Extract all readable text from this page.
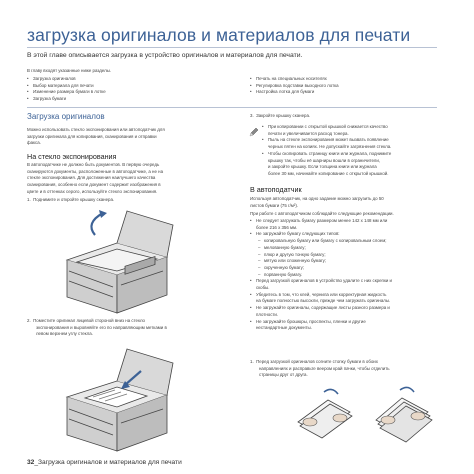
загрузка оригиналов и материалов для печати
В этой главе описывается загрузка в устройство оригиналов и материалов для печати.
В главу входят указанные ниже разделы.
• Загрузка оригиналов
• Выбор материала для печати
• Изменение размера бумаги в лотке
• Загрузка бумаги
• Печать на специальных носителях
• Регулировка подставки выходного лотка
• Настройка лотка для бумаги
Загрузка оригиналов
Можно использовать стекло экспонирования или автоподатчик для
загрузки оригинала для копирования, сканирования и отправки
факса.
На стекло экспонирования
В автоподатчике не должно быть документов. В первую очередь
сканируются документы, расположенные в автоподатчике, а не на
стекле экспонирования. Для достижения наилучшего качества
сканирования, особенно если документ содержит изображения в
цвете и в оттенках серого, используйте стекло экспонирования.
1.  Поднимите и откройте крышку сканера.
2.  Поместите оригинал лицевой стороной вниз на стекло
экспонирования и выровняйте его по направляющим метками в
левом верхнем углу стекла.
3.  Закройте крышку сканера.
• При копировании с открытой крышкой снижается качество
печати и увеличивается расход тонера.
• Пыль на стекле экспонирования может вызвать появление
черных пятен на копиях. Не допускайте загрязнения стекла.
• Чтобы скопировать страницу книги или журнала, поднимите
крышку так, чтобы её шарниры вошли в ограничители,
и закройте крышку. Если толщина книги или журнала
более 30 мм, начинайте копирование с открытой крышкой.
В автоподатчик
Используя автоподатчик, на одно задание можно загрузить до 50
листов бумаги (75 г/м²).
При работе с автоподатчиком соблюдайте следующие рекомендации.
• Не следует загружать бумагу размером менее 142 x 148 мм или
более 216 x 356 мм.
• Не загружайте бумагу следующих типов:
– копировальную бумагу или бумагу с копировальным слоем;
– мелованную бумагу;
– плюр и другую тонкую бумагу;
– мятую или сложенную бумагу;
– скрученную бумагу;
– порванную бумагу.
• Перед загрузкой оригиналов в устройство удалите с них скрепки и
скобы.
• Убедитесь в том, что клей, чернила или корректурная жидкость
на бумаге полностью высохли, прежде чем загружать оригиналы.
• Не загружайте оригиналы, содержащие листы разного размера и
плотности.
• Не загружайте брошюры, проспекты, пленки и другие
нестандартные документы.
1.  Перед загрузкой оригиналов согните стопку бумаги в обоих
направлениях и расправьте веером край пачки, чтобы отделить
страницы друг от друга.
32_Загрузка оригиналов и материалов для печати
